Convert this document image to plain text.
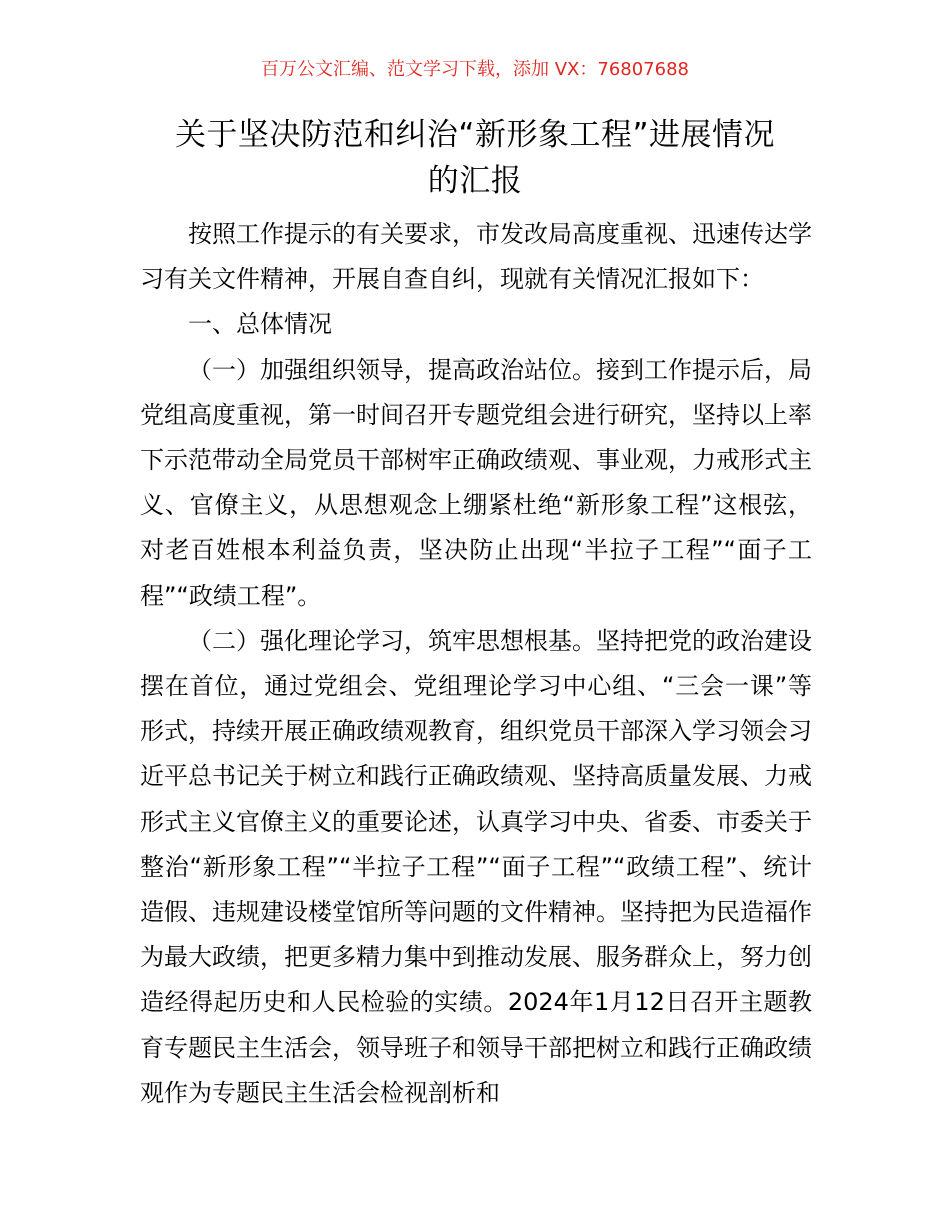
百万公文汇编、范文学习下载，添加 VX：76807688
关于坚决防范和纠治“新形象工程”进展情况
的汇报

按照工作提示的有关要求，市发改局高度重视、迅速传达学习有关文件精神，开展自查自纠，现就有关情况汇报如下：

一、总体情况

（一）加强组织领导，提高政治站位。接到工作提示后，局党组高度重视，第一时间召开专题党组会进行研究，坚持以上率下示范带动全局党员干部树牢正确政绩观、事业观，力戒形式主义、官僚主义，从思想观念上绷紧杜绝“新形象工程”这根弦，对老百姓根本利益负责，坚决防止出现“半拉子工程”“面子工程”“政绩工程”。

（二）强化理论学习，筑牢思想根基。坚持把党的政治建设摆在首位，通过党组会、党组理论学习中心组、“三会一课”等形式，持续开展正确政绩观教育，组织党员干部深入学习领会习近平总书记关于树立和践行正确政绩观、坚持高质量发展、力戒形式主义官僚主义的重要论述，认真学习中央、省委、市委关于整治“新形象工程”“半拉子工程”“面子工程”“政绩工程”、统计造假、违规建设楼堂馆所等问题的文件精神。坚持把为民造福作为最大政绩，把更多精力集中到推动发展、服务群众上，努力创造经得起历史和人民检验的实绩。2024年1月12日召开主题教育专题民主生活会，领导班子和领导干部把树立和践行正确政绩观作为专题民主生活会检视剖析和
